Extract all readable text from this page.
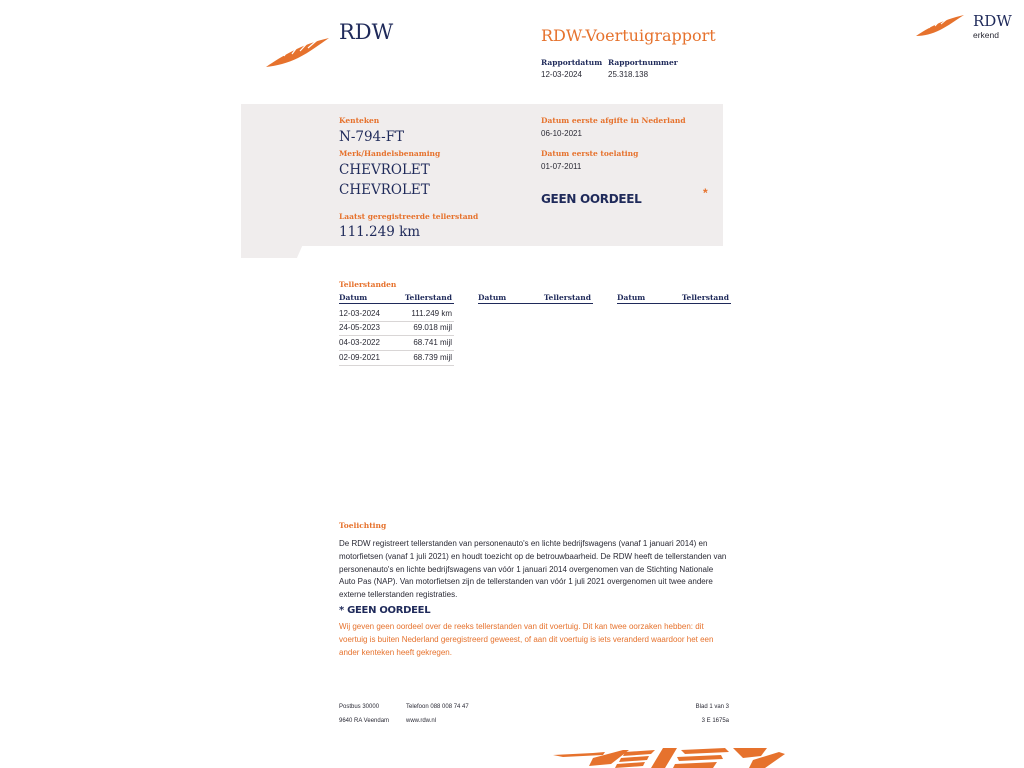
RDW	RDW-Voertuigrapport
Rapportdatum
12-03-2024
Rapportnummer
25.318.138
RDW
erkend
Kenteken
N-794-FT
Merk/Handelsbenaming
CHEVROLET
CHEVROLET
Laatst geregistreerde tellerstand
111.249 km
Datum eerste afgifte in Nederland
06-10-2021
Datum eerste toelating
01-07-2011
GEEN OORDEEL	*
Tellerstanden
Datum	Tellerstand	Datum	Tellerstand	Datum	Tellerstand
12-03-2024	111.249 km
24-05-2023	69.018 mijl
04-03-2022	68.741 mijl
02-09-2021	68.739 mijl
Toelichting
De RDW registreert tellerstanden van personenauto's en lichte bedrijfswagens (vanaf 1 januari 2014) en motorfietsen (vanaf 1 juli 2021) en houdt toezicht op de betrouwbaarheid. De RDW heeft de tellerstanden van personenauto's en lichte bedrijfswagens van vóór 1 januari 2014 overgenomen van de Stichting Nationale Auto Pas (NAP). Van motorfietsen zijn de tellerstanden van vóór 1 juli 2021 overgenomen uit twee andere externe tellerstanden registraties.
* GEEN OORDEEL
Wij geven geen oordeel over de reeks tellerstanden van dit voertuig. Dit kan twee oorzaken hebben: dit voertuig is buiten Nederland geregistreerd geweest, of aan dit voertuig is iets veranderd waardoor het een ander kenteken heeft gekregen.
Postbus 30000
9640 RA Veendam
Telefoon 088 008 74 47
www.rdw.nl
Blad 1 van 3
3 E 1675a
